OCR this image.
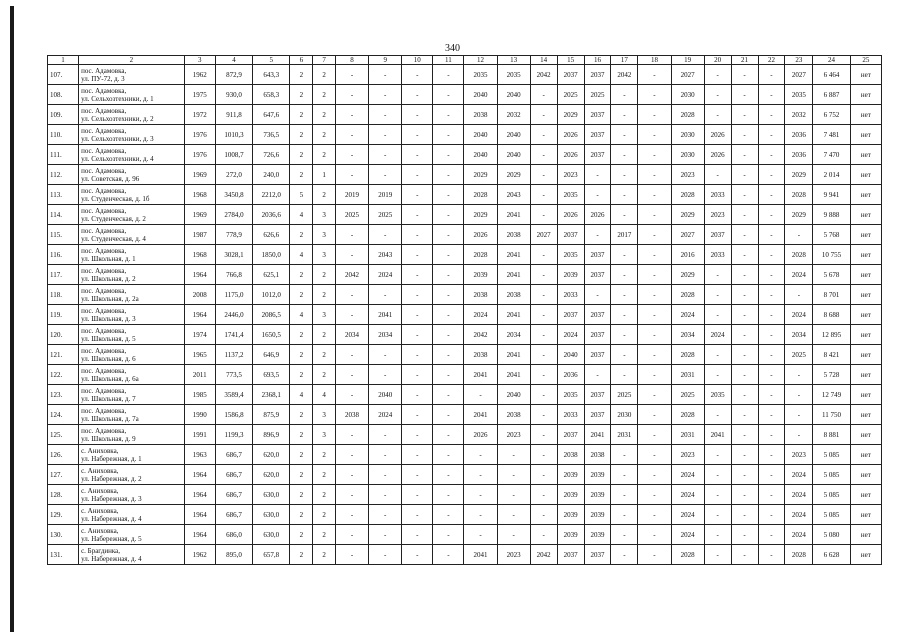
340
1	2	3	4	5	6	7	8	9	10	11	12	13	14	15	16	17	18	19	20	21	22	23	24	25
107.	пос. Адамовка,
ул. ПУ-72, д. 3	1962	872,9	643,3	2	2	-	-	-	-	2035	2035	2042	2037	2037	2042	-	2027	-	-	-	2027	6 464	нет
108.	пос. Адамовка,
ул. Сельхозтехники, д. 1	1975	930,0	658,3	2	2	-	-	-	-	2040	2040	-	2025	2025	-	-	2030	-	-	-	2035	6 887	нет
109.	пос. Адамовка,
ул. Сельхозтехники, д. 2	1972	911,8	647,6	2	2	-	-	-	-	2038	2032	-	2029	2037	-	-	2028	-	-	-	2032	6 752	нет
110.	пос. Адамовка,
ул. Сельхозтехники, д. 3	1976	1010,3	736,5	2	2	-	-	-	-	2040	2040	-	2026	2037	-	-	2030	2026	-	-	2036	7 481	нет
111.	пос. Адамовка,
ул. Сельхозтехники, д. 4	1976	1008,7	726,6	2	2	-	-	-	-	2040	2040	-	2026	2037	-	-	2030	2026	-	-	2036	7 470	нет
112.	пос. Адамовка,
ул. Советская, д. 96	1969	272,0	240,0	2	1	-	-	-	-	2029	2029	-	2023	-	-	-	2023	-	-	-	2029	2 014	нет
113.	пос. Адамовка,
ул. Студенческая, д. 1б	1968	3450,8	2212,0	5	2	2019	2019	-	-	2028	2043	-	2035	-	-	-	2028	2033	-	-	2028	9 941	нет
114.	пос. Адамовка,
ул. Студенческая, д. 2	1969	2784,0	2036,6	4	3	2025	2025	-	-	2029	2041	-	2026	2026	-	-	2029	2023	-	-	2029	9 888	нет
115.	пос. Адамовка,
ул. Студенческая, д. 4	1987	778,9	626,6	2	3	-	-	-	-	2026	2038	2027	2037	-	2017	-	2027	2037	-	-	-	5 768	нет
116.	пос. Адамовка,
ул. Школьная, д. 1	1968	3028,1	1850,0	4	3	-	2043	-	-	2028	2041	-	2035	2037	-	-	2016	2033	-	-	2028	10 755	нет
117.	пос. Адамовка,
ул. Школьная, д. 2	1964	766,8	625,1	2	2	2042	2024	-	-	2039	2041	-	2039	2037	-	-	2029	-	-	-	2024	5 678	нет
118.	пос. Адамовка,
ул. Школьная, д. 2а	2008	1175,0	1012,0	2	2	-	-	-	-	2038	2038	-	2033	-	-	-	2028	-	-	-	-	8 701	нет
119.	пос. Адамовка,
ул. Школьная, д. 3	1964	2446,0	2086,5	4	3	-	2041	-	-	2024	2041	-	2037	2037	-	-	2024	-	-	-	2024	8 688	нет
120.	пос. Адамовка,
ул. Школьная, д. 5	1974	1741,4	1650,5	2	2	2034	2034	-	-	2042	2034	-	2024	2037	-	-	2034	2024	-	-	2034	12 895	нет
121.	пос. Адамовка,
ул. Школьная, д. 6	1965	1137,2	646,9	2	2	-	-	-	-	2038	2041	-	2040	2037	-	-	2028	-	-	-	2025	8 421	нет
122.	пос. Адамовка,
ул. Школьная, д. 6а	2011	773,5	693,5	2	2	-	-	-	-	2041	2041	-	2036	-	-	-	2031	-	-	-	-	5 728	нет
123.	пос. Адамовка,
ул. Школьная, д. 7	1985	3589,4	2368,1	4	4	-	2040	-	-	-	2040	-	2035	2037	2025	-	2025	2035	-	-	-	12 749	нет
124.	пос. Адамовка,
ул. Школьная, д. 7а	1990	1586,8	875,9	2	3	2038	2024	-	-	2041	2038	-	2033	2037	2030	-	2028	-	-	-	-	11 750	нет
125.	пос. Адамовка,
ул. Школьная, д. 9	1991	1199,3	896,9	2	3	-	-	-	-	2026	2023	-	2037	2041	2031	-	2031	2041	-	-	-	8 881	нет
126.	с. Аниховка,
ул. Набережная, д. 1	1963	686,7	620,0	2	2	-	-	-	-	-	-	-	2038	2038	-	-	2023	-	-	-	2023	5 085	нет
127.	с. Аниховка,
ул. Набережная, д. 2	1964	686,7	620,0	2	2	-	-	-	-	-	-	-	2039	2039	-	-	2024	-	-	-	2024	5 085	нет
128.	с. Аниховка,
ул. Набережная, д. 3	1964	686,7	630,0	2	2	-	-	-	-	-	-	-	2039	2039	-	-	2024	-	-	-	2024	5 085	нет
129.	с. Аниховка,
ул. Набережная, д. 4	1964	686,7	630,0	2	2	-	-	-	-	-	-	-	2039	2039	-	-	2024	-	-	-	2024	5 085	нет
130.	с. Аниховка,
ул. Набережная, д. 5	1964	686,0	630,0	2	2	-	-	-	-	-	-	-	2039	2039	-	-	2024	-	-	-	2024	5 080	нет
131.	с. Брагдинка,
ул. Набережная, д. 4	1962	895,0	657,8	2	2	-	-	-	-	2041	2023	2042	2037	2037	-	-	2028	-	-	-	2028	6 628	нет
